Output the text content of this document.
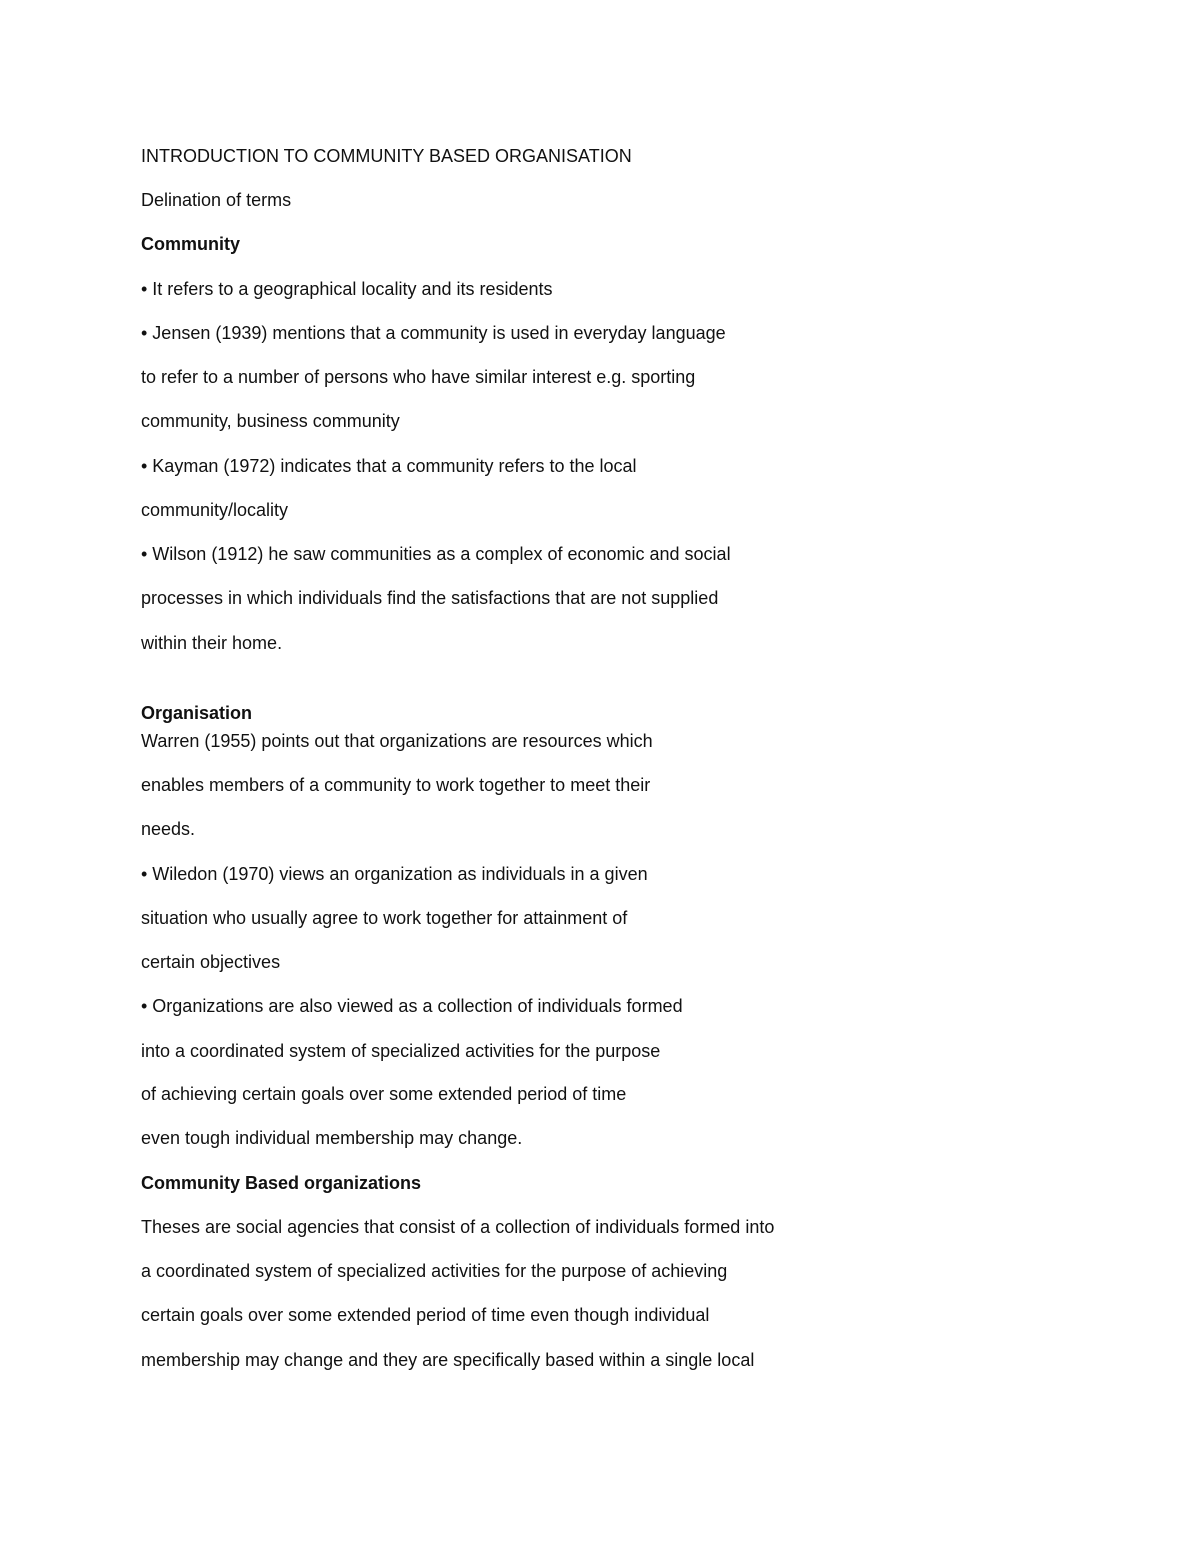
INTRODUCTION TO COMMUNITY BASED ORGANISATION
Delination of terms
Community
• It refers to a geographical locality and its residents
• Jensen (1939) mentions that a community is used in everyday language
to refer to a number of persons who have similar interest e.g. sporting
community, business community
• Kayman (1972) indicates that a community refers to the local
community/locality
• Wilson (1912) he saw communities as a complex of economic and social
processes in which individuals find the satisfactions that are not supplied
within their home.
Organisation
Warren (1955) points out that organizations are resources which
enables members of a community to work together to meet their
needs.
• Wiledon (1970) views an organization as individuals in a given
situation who usually agree to work together for attainment of
certain objectives
• Organizations are also viewed as a collection of individuals formed
into a coordinated system of specialized activities for the purpose
of achieving certain goals over some extended period of time
even tough individual membership may change.
Community Based organizations
Theses are social agencies that consist of a collection of individuals formed into
a coordinated system of specialized activities for the purpose of achieving
certain goals over some extended period of time even though individual
membership may change and they are specifically based within a single local
